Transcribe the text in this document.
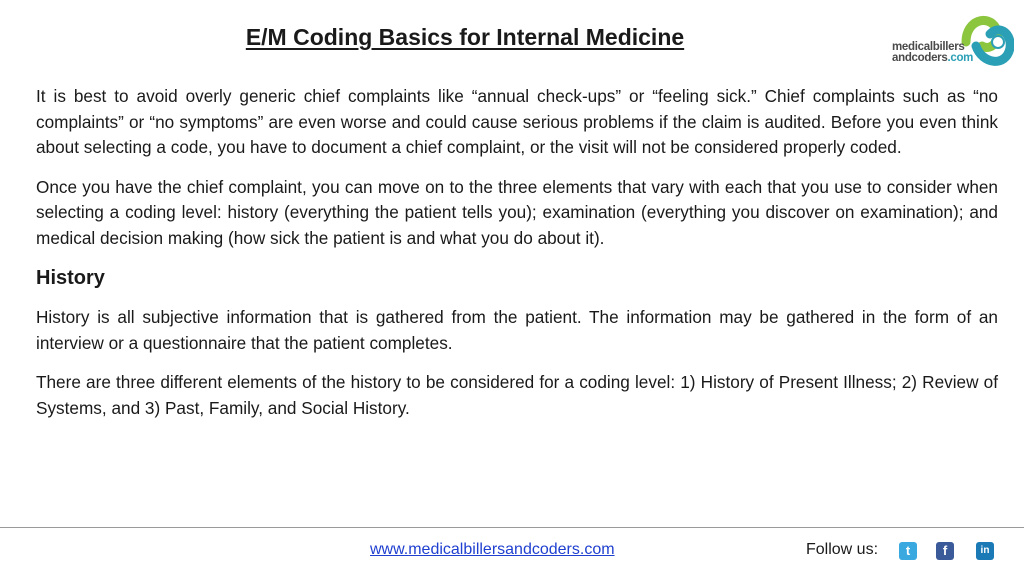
E/M Coding Basics for Internal Medicine	medicalbillers
andcoders.com

It is best to avoid overly generic chief complaints like “annual check-ups” or “feeling sick.” Chief complaints such as “no complaints” or “no symptoms” are even worse and could cause serious problems if the claim is audited. Before you even think about selecting a code, you have to document a chief complaint, or the visit will not be considered properly coded.

Once you have the chief complaint, you can move on to the three elements that vary with each that you use to consider when selecting a coding level: history (everything the patient tells you); examination (everything you discover on examination); and medical decision making (how sick the patient is and what you do about it).

History

History is all subjective information that is gathered from the patient. The information may be gathered in the form of an interview or a questionnaire that the patient completes.

There are three different elements of the history to be considered for a coding level: 1) History of Present Illness; 2) Review of Systems, and 3) Past, Family, and Social History.

www.medicalbillersandcoders.com	Follow us:	t	f	in
